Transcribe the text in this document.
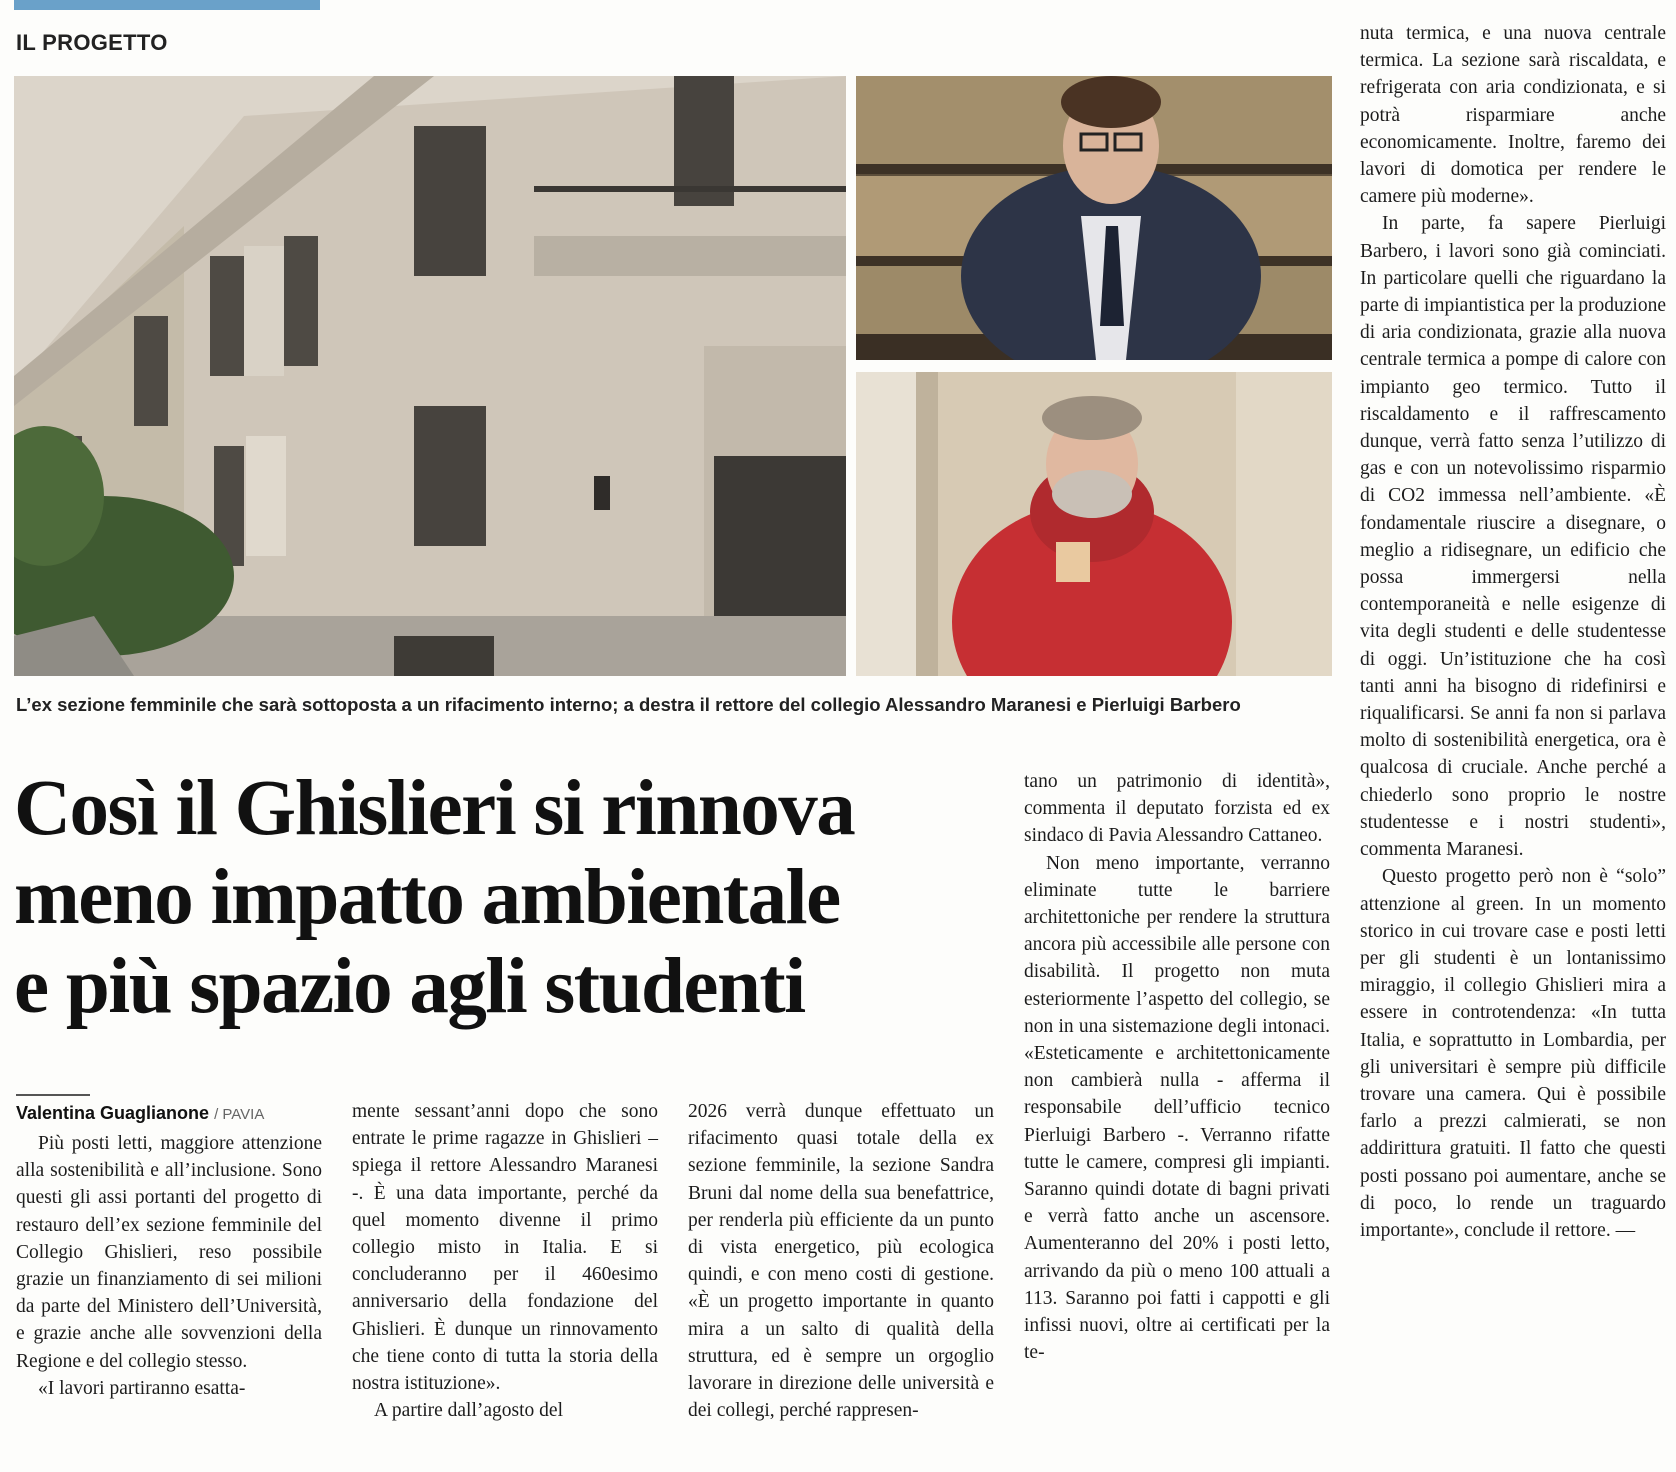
IL PROGETTO
L’ex sezione femminile che sarà sottoposta a un rifacimento interno; a destra il rettore del collegio Alessandro Maranesi e Pierluigi Barbero
Così il Ghislieri si rinnova
meno impatto ambientale
e più spazio agli studenti
Valentina Guaglianone / PAVIA

Più posti letti, maggiore attenzione alla sostenibilità e all’inclusione. Sono questi gli assi portanti del progetto di restauro dell’ex sezione femminile del Collegio Ghislieri, reso possibile grazie un finanziamento di sei milioni da parte del Ministero dell’Università, e grazie anche alle sovvenzioni della Regione e del collegio stesso.

«I lavori partiranno esatta-

mente sessant’anni dopo che sono entrate le prime ragazze in Ghislieri – spiega il rettore Alessandro Maranesi -. È una data importante, perché da quel momento divenne il primo collegio misto in Italia. E si concluderanno per il 460esimo anniversario della fondazione del Ghislieri. È dunque un rinnovamento che tiene conto di tutta la storia della nostra istituzione».

A partire dall’agosto del

2026 verrà dunque effettuato un rifacimento quasi totale della ex sezione femminile, la sezione Sandra Bruni dal nome della sua benefattrice, per renderla più efficiente da un punto di vista energetico, più ecologica quindi, e con meno costi di gestione. «È un progetto importante in quanto mira a un salto di qualità della struttura, ed è sempre un orgoglio lavorare in direzione delle università e dei collegi, perché rappresen-

tano un patrimonio di identità», commenta il deputato forzista ed ex sindaco di Pavia Alessandro Cattaneo.

Non meno importante, verranno eliminate tutte le barriere architettoniche per rendere la struttura ancora più accessibile alle persone con disabilità. Il progetto non muta esteriormente l’aspetto del collegio, se non in una sistemazione degli intonaci. «Esteticamente e architettonicamente non cambierà nulla - afferma il responsabile dell’ufficio tecnico Pierluigi Barbero -. Verranno rifatte tutte le camere, compresi gli impianti. Saranno quindi dotate di bagni privati e verrà fatto anche un ascensore. Aumenteranno del 20% i posti letto, arrivando da più o meno 100 attuali a 113. Saranno poi fatti i cappotti e gli infissi nuovi, oltre ai certificati per la te-

nuta termica, e una nuova centrale termica. La sezione sarà riscaldata, e refrigerata con aria condizionata, e si potrà risparmiare anche economicamente. Inoltre, faremo dei lavori di domotica per rendere le camere più moderne».

In parte, fa sapere Pierluigi Barbero, i lavori sono già cominciati. In particolare quelli che riguardano la parte di impiantistica per la produzione di aria condizionata, grazie alla nuova centrale termica a pompe di calore con impianto geo termico. Tutto il riscaldamento e il raffrescamento dunque, verrà fatto senza l’utilizzo di gas e con un notevolissimo risparmio di CO2 immessa nell’ambiente. «È fondamentale riuscire a disegnare, o meglio a ridisegnare, un edificio che possa immergersi nella contemporaneità e nelle esigenze di vita degli studenti e delle studentesse di oggi. Un’istituzione che ha così tanti anni ha bisogno di ridefinirsi e riqualificarsi. Se anni fa non si parlava molto di sostenibilità energetica, ora è qualcosa di cruciale. Anche perché a chiederlo sono proprio le nostre studentesse e i nostri studenti», commenta Maranesi.

Questo progetto però non è “solo” attenzione al green. In un momento storico in cui trovare case e posti letti per gli studenti è un lontanissimo miraggio, il collegio Ghislieri mira a essere in controtendenza: «In tutta Italia, e soprattutto in Lombardia, per gli universitari è sempre più difficile trovare una camera. Qui è possibile farlo a prezzi calmierati, se non addirittura gratuiti. Il fatto che questi posti possano poi aumentare, anche se di poco, lo rende un traguardo importante», conclude il rettore. —
